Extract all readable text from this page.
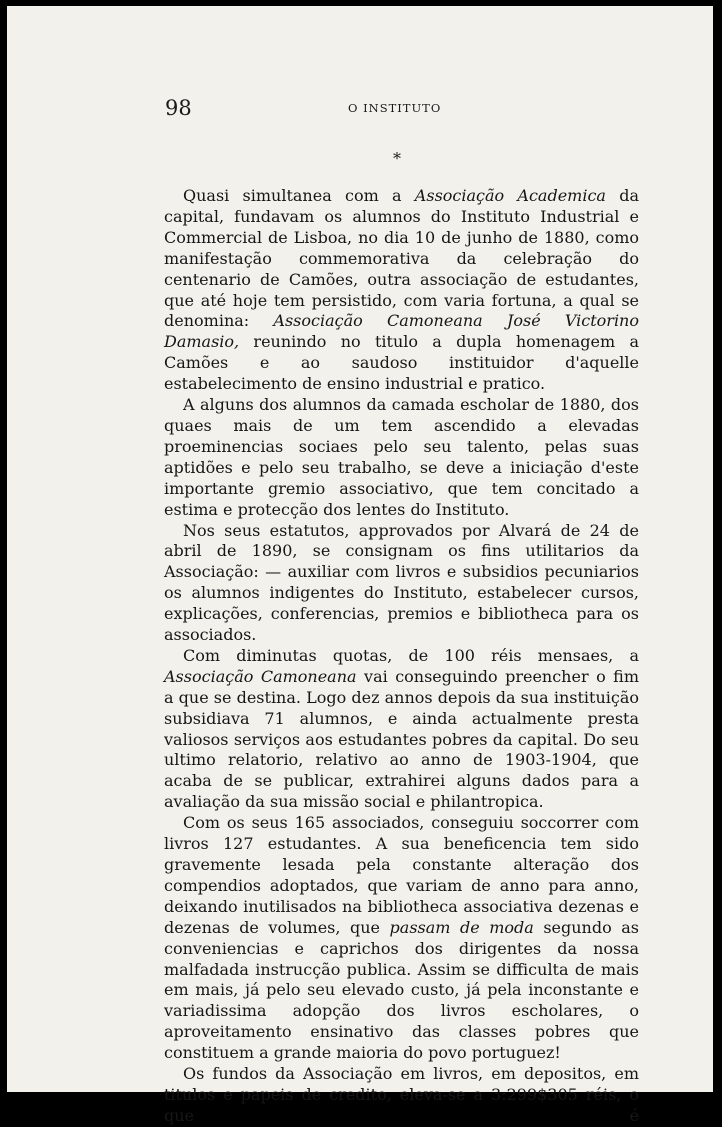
98	O INSTITUTO
*

Quasi simultanea com a Associação Academica da capital, fundavam os alumnos do Instituto Industrial e Commercial de Lisboa, no dia 10 de junho de 1880, como manifestação commemorativa da celebração do centenario de Camões, outra associação de estudantes, que até hoje tem persistido, com varia fortuna, a qual se denomina: Associação Camoneana José Victorino Damasio, reunindo no titulo a dupla homenagem a Camões e ao saudoso instituidor d'aquelle estabelecimento de ensino industrial e pratico.

A alguns dos alumnos da camada escholar de 1880, dos quaes mais de um tem ascendido a elevadas proeminencias sociaes pelo seu talento, pelas suas aptidões e pelo seu trabalho, se deve a iniciação d'este importante gremio associativo, que tem concitado a estima e protecção dos lentes do Instituto.

Nos seus estatutos, approvados por Alvará de 24 de abril de 1890, se consignam os fins utilitarios da Associação: — auxiliar com livros e subsidios pecuniarios os alumnos indigentes do Instituto, estabelecer cursos, explicações, conferencias, premios e bibliotheca para os associados.

Com diminutas quotas, de 100 réis mensaes, a Associação Camoneana vai conseguindo preencher o fim a que se destina. Logo dez annos depois da sua instituição subsidiava 71 alumnos, e ainda actualmente presta valiosos serviços aos estudantes pobres da capital. Do seu ultimo relatorio, relativo ao anno de 1903-1904, que acaba de se publicar, extrahirei alguns dados para a avaliação da sua missão social e philantropica.

Com os seus 165 associados, conseguiu soccorrer com livros 127 estudantes. A sua beneficencia tem sido gravemente lesada pela constante alteração dos compendios adoptados, que variam de anno para anno, deixando inutilisados na bibliotheca associativa dezenas e dezenas de volumes, que passam de moda segundo as conveniencias e caprichos dos dirigentes da nossa malfadada instrucção publica. Assim se difficulta de mais em mais, já pelo seu elevado custo, já pela inconstante e variadissima adopção dos livros escholares, o aproveitamento ensinativo das classes pobres que constituem a grande maioria do povo portuguez!

Os fundos da Associação em livros, em depositos, em titulos e papeis de credito, eleva-se a 3:299$305 réis, o que é
